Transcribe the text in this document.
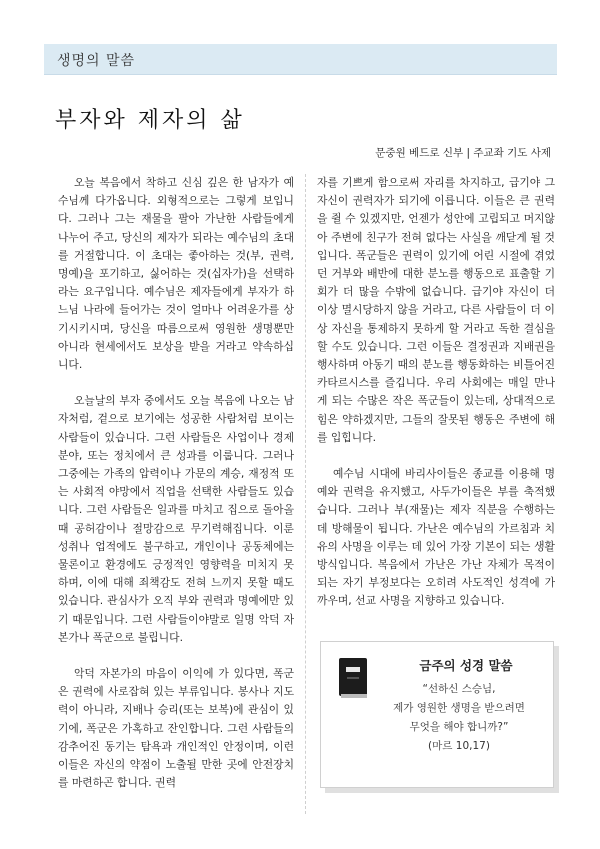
생명의 말씀
부자와 제자의 삶
문중원 베드로 신부 | 주교좌 기도 사제

오늘 복음에서 착하고 신심 깊은 한 남자가 예수님께 다가옵니다. 외형적으로는 그렇게 보입니다. 그러나 그는 재물을 팔아 가난한 사람들에게 나누어 주고, 당신의 제자가 되라는 예수님의 초대를 거절합니다. 이 초대는 좋아하는 것(부, 권력, 명예)을 포기하고, 싫어하는 것(십자가)을 선택하라는 요구입니다. 예수님은 제자들에게 부자가 하느님 나라에 들어가는 것이 얼마나 어려운가를 상기시키시며, 당신을 따름으로써 영원한 생명뿐만 아니라 현세에서도 보상을 받을 거라고 약속하십니다.

오늘날의 부자 중에서도 오늘 복음에 나오는 남자처럼, 겉으로 보기에는 성공한 사람처럼 보이는 사람들이 있습니다. 그런 사람들은 사업이나 경제 분야, 또는 정치에서 큰 성과를 이룹니다. 그러나 그중에는 가족의 압력이나 가문의 계승, 재정적 또는 사회적 야망에서 직업을 선택한 사람들도 있습니다. 그런 사람들은 일과를 마치고 집으로 돌아올 때 공허감이나 절망감으로 무기력해집니다. 이룬 성취나 업적에도 불구하고, 개인이나 공동체에는 물론이고 환경에도 긍정적인 영향력을 미치지 못하며, 이에 대해 죄책감도 전혀 느끼지 못할 때도 있습니다. 관심사가 오직 부와 권력과 명예에만 있기 때문입니다. 그런 사람들이야말로 일명 악덕 자본가나 폭군으로 불립니다.

악덕 자본가의 마음이 이익에 가 있다면, 폭군은 권력에 사로잡혀 있는 부류입니다. 봉사나 지도력이 아니라, 지배나 승리(또는 보복)에 관심이 있기에, 폭군은 가혹하고 잔인합니다. 그런 사람들의 감추어진 동기는 탐욕과 개인적인 안정이며, 이런 이들은 자신의 약점이 노출될 만한 곳에 안전장치를 마련하곤 합니다. 권력

자를 기쁘게 함으로써 자리를 차지하고, 급기야 그 자신이 권력자가 되기에 이릅니다. 이들은 큰 권력을 쥘 수 있겠지만, 언젠가 성안에 고립되고 머지않아 주변에 친구가 전혀 없다는 사실을 깨닫게 될 것입니다. 폭군들은 권력이 있기에 어린 시절에 겪었던 거부와 배반에 대한 분노를 행동으로 표출할 기회가 더 많을 수밖에 없습니다. 급기야 자신이 더 이상 멸시당하지 않을 거라고, 다른 사람들이 더 이상 자신을 통제하지 못하게 할 거라고 독한 결심을 할 수도 있습니다. 그런 이들은 결정권과 지배권을 행사하며 아동기 때의 분노를 행동화하는 비틀어진 카타르시스를 즐깁니다. 우리 사회에는 매일 만나게 되는 수많은 작은 폭군들이 있는데, 상대적으로 힘은 약하겠지만, 그들의 잘못된 행동은 주변에 해를 입힙니다.

예수님 시대에 바리사이들은 종교를 이용해 명예와 권력을 유지했고, 사두가이들은 부를 축적했습니다. 그러나 부(재물)는 제자 직분을 수행하는 데 방해물이 됩니다. 가난은 예수님의 가르침과 치유의 사명을 이루는 데 있어 가장 기본이 되는 생활 방식입니다. 복음에서 가난은 가난 자체가 목적이 되는 자기 부정보다는 오히려 사도적인 성격에 가까우며, 선교 사명을 지향하고 있습니다.

금주의 성경 말씀
“선하신 스승님,
제가 영원한 생명을 받으려면
무엇을 해야 합니까?”
(마르 10,17)
